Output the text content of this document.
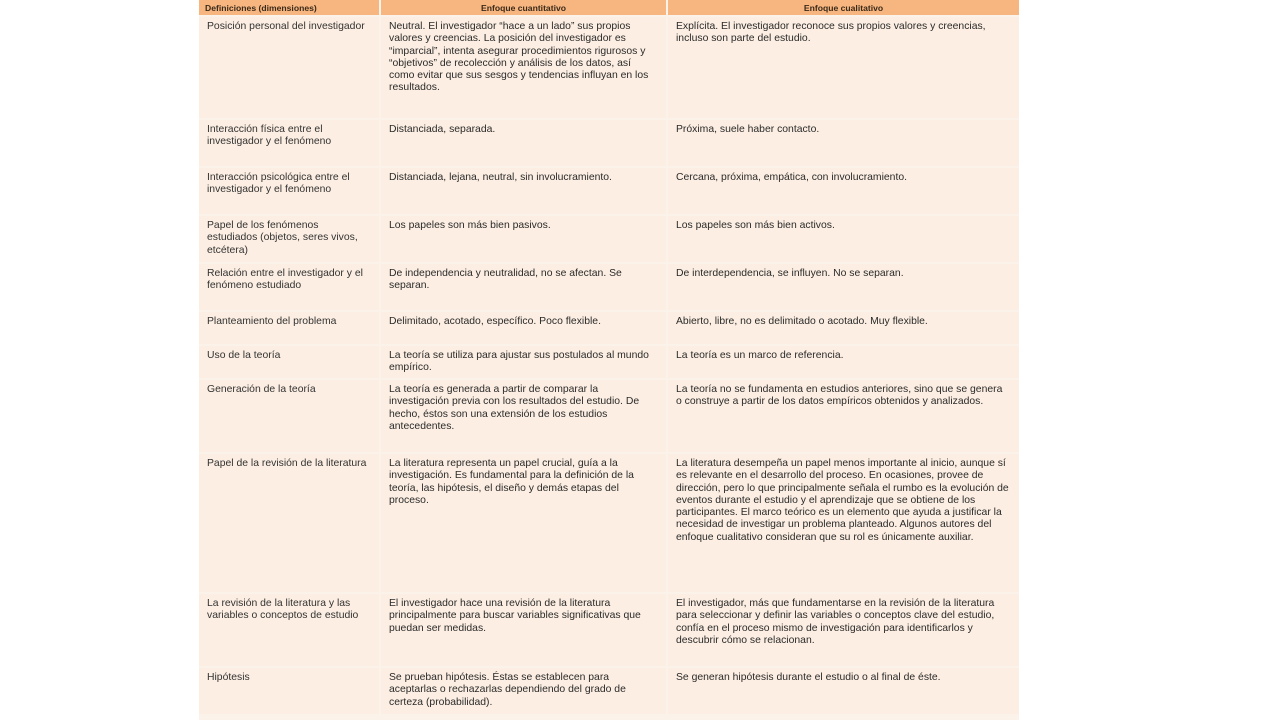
Definiciones (dimensiones)	Enfoque cuantitativo	Enfoque cualitativo
Posición personal del investigador	Neutral. El investigador “hace a un lado” sus propios valores y creencias. La posición del investigador es “imparcial”, intenta asegurar procedimientos rigurosos y “objetivos” de recolección y análisis de los datos, así como evitar que sus sesgos y tendencias influyan en los resultados.	Explícita. El investigador reconoce sus propios valores y creencias, incluso son parte del estudio.
Interacción física entre el investigador y el fenómeno	Distanciada, separada.	Próxima, suele haber contacto.
Interacción psicológica entre el investigador y el fenómeno	Distanciada, lejana, neutral, sin involucramiento.	Cercana, próxima, empática, con involucramiento.
Papel de los fenómenos estudiados (objetos, seres vivos, etcétera)	Los papeles son más bien pasivos.	Los papeles son más bien activos.
Relación entre el investigador y el fenómeno estudiado	De independencia y neutralidad, no se afectan. Se separan.	De interdependencia, se influyen. No se separan.
Planteamiento del problema	Delimitado, acotado, específico. Poco flexible.	Abierto, libre, no es delimitado o acotado. Muy flexible.
Uso de la teoría	La teoría se utiliza para ajustar sus postulados al mundo empírico.	La teoría es un marco de referencia.
Generación de la teoría	La teoría es generada a partir de comparar la investigación previa con los resultados del estudio. De hecho, éstos son una extensión de los estudios antecedentes.	La teoría no se fundamenta en estudios anteriores, sino que se genera o construye a partir de los datos empíricos obtenidos y analizados.
Papel de la revisión de la literatura	La literatura representa un papel crucial, guía a la investigación. Es fundamental para la definición de la teoría, las hipótesis, el diseño y demás etapas del proceso.	La literatura desempeña un papel menos importante al inicio, aunque sí es relevante en el desarrollo del proceso. En ocasiones, provee de dirección, pero lo que principalmente señala el rumbo es la evolución de eventos durante el estudio y el aprendizaje que se obtiene de los participantes. El marco teórico es un elemento que ayuda a justificar la necesidad de investigar un problema planteado. Algunos autores del enfoque cualitativo consideran que su rol es únicamente auxiliar.
La revisión de la literatura y las variables o conceptos de estudio	El investigador hace una revisión de la literatura principalmente para buscar variables significativas que puedan ser medidas.	El investigador, más que fundamentarse en la revisión de la literatura para seleccionar y definir las variables o conceptos clave del estudio, confía en el proceso mismo de investigación para identificarlos y descubrir cómo se relacionan.
Hipótesis	Se prueban hipótesis. Éstas se establecen para aceptarlas o rechazarlas dependiendo del grado de certeza (probabilidad).	Se generan hipótesis durante el estudio o al final de éste.
